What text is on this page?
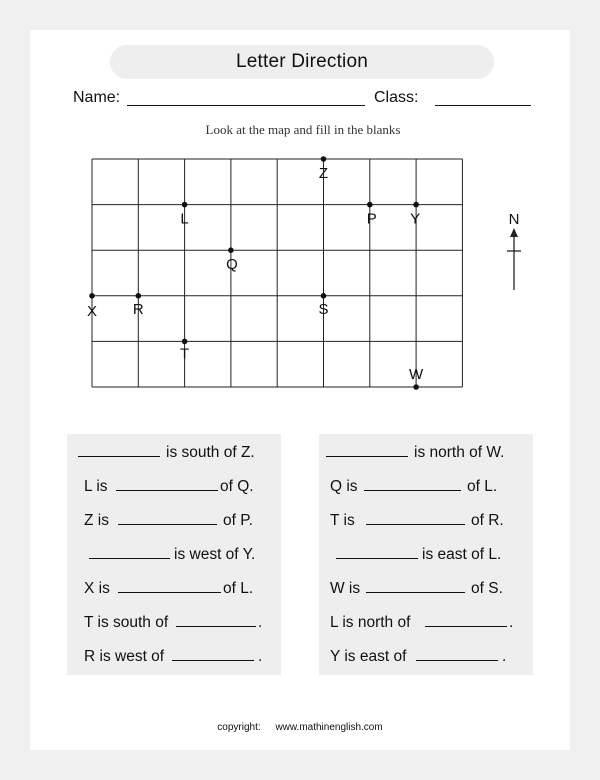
Letter Direction
Name:	Class:
Look at the map and fill in the blanks
Z
L	P Y
Q
X R	S
T
W
N
copyright: www.mathinenglish.com
is south of Z.
L is	of Q.
Z is	of P.
is west of Y.
X is	of L.
T is south of	.
R is west of	.
is north of W.
Q is	of L.
T is	of R.
is east of L.
W is	of S.
L is north of	.
Y is east of	.
